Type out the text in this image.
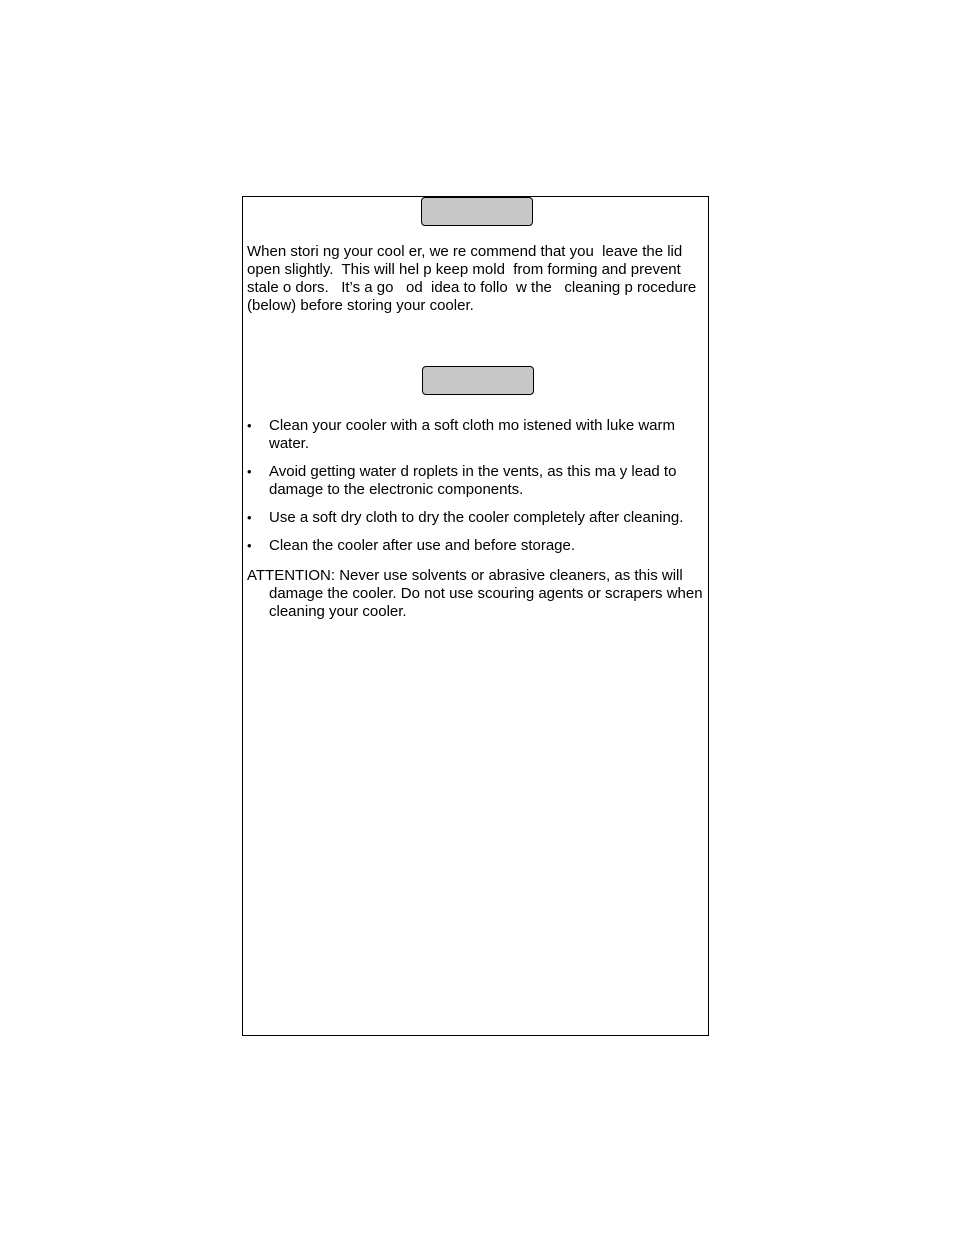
When stori ng your cool er, we re commend that you  leave the lid
open slightly.  This will hel p keep mold  from forming and prevent
stale o dors.   It’s a go   od  idea to follo  w the   cleaning p rocedure
(below) before storing your cooler.

•	Clean your cooler with a soft cloth mo istened with luke warm water.
•	Avoid getting water d roplets in the vents, as this ma y lead to damage to the electronic components.
•	Use a soft dry cloth to dry the cooler completely after cleaning.
•	Clean the cooler after use and before storage.

ATTENTION: Never use solvents or abrasive cleaners, as this will damage the cooler. Do not use scouring agents or scrapers when cleaning your cooler.
